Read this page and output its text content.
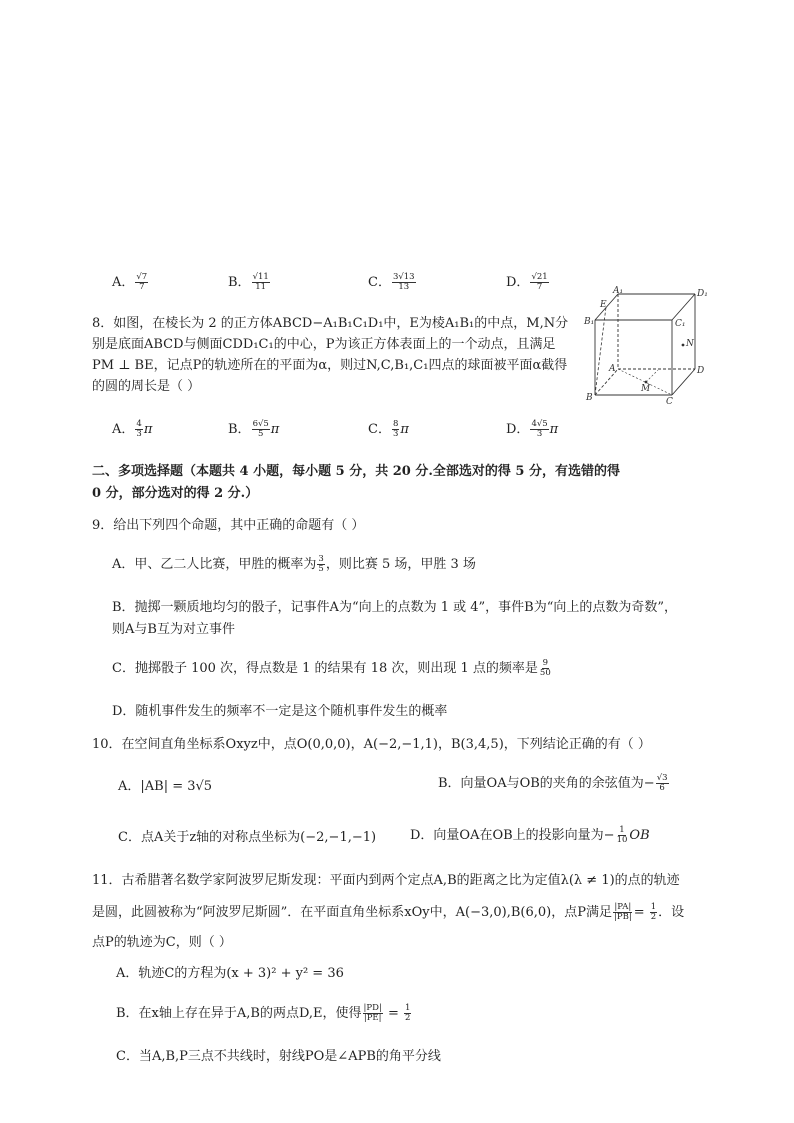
A． $\frac{√7}{7}$	B． $\frac{√11}{11}$	C． $\frac{3√13}{13}$	D． $\frac{√21}{7}$
8．如图，在棱长为 2 的正方体ABCD−A₁B₁C₁D₁中，E为棱A₁B₁的中点，M,N分
别是底面ABCD与侧面CDD₁C₁的中心，P为该正方体表面上的一个动点，且满足
PM ⊥ BE，记点P的轨迹所在的平面为α，则过N,C,B₁,C₁四点的球面被平面α截得
的圆的周长是（ ）
A₁	D₁
E
B₁	C₁
N
A	D
M
B	C
A． $\frac{4}{3}$ π	B． $\frac{6√5}{5}$ π	C． $\frac{8}{3}$ π	D． $\frac{4√5}{3}$ π
二、多项选择题（本题共 4 小题，每小题 5 分，共 20 分.全部选对的得 5 分，有选错的得
0 分，部分选对的得 2 分.）
9．给出下列四个命题，其中正确的命题有（ ）
A．甲、乙二人比赛，甲胜的概率为 $\frac{3}{5}$ ，则比赛 5 场，甲胜 3 场
B．抛掷一颗质地均匀的骰子，记事件A为“向上的点数为 1 或 4”，事件B为“向上的点数为奇数”，
则A与B互为对立事件
C．抛掷骰子 100 次，得点数是 1 的结果有 18 次，则出现 1 点的频率是 $\frac{9}{50}$
D．随机事件发生的频率不一定是这个随机事件发生的概率
10．在空间直角坐标系Oxyz中，点O(0,0,0)，A(−2,−1,1)，B(3,4,5)，下列结论正确的有（ ）
A．|AB| = 3√5	B．向量OA与OB的夹角的余弦值为− $\frac{√3}{6}$
C．点A关于z轴的对称点坐标为(−2,−1,−1)	D．向量OA在OB上的投影向量为− $\frac{1}{10}$ OB
11．古希腊著名数学家阿波罗尼斯发现：平面内到两个定点A,B的距离之比为定值λ(λ ≠ 1)的点的轨迹
是圆，此圆被称为“阿波罗尼斯圆”．在平面直角坐标系xOy中，A(−3,0),B(6,0)，点P满足 $\frac{|PA|}{|PB|} = \frac{1}{2}$ ．设
点P的轨迹为C，则（ ）
A．轨迹C的方程为(x + 3)² + y² = 36
B．在x轴上存在异于A,B的两点D,E，使得 $\frac{|PD|}{|PE|} = \frac{1}{2}$
C．当A,B,P三点不共线时，射线PO是∠APB的角平分线
